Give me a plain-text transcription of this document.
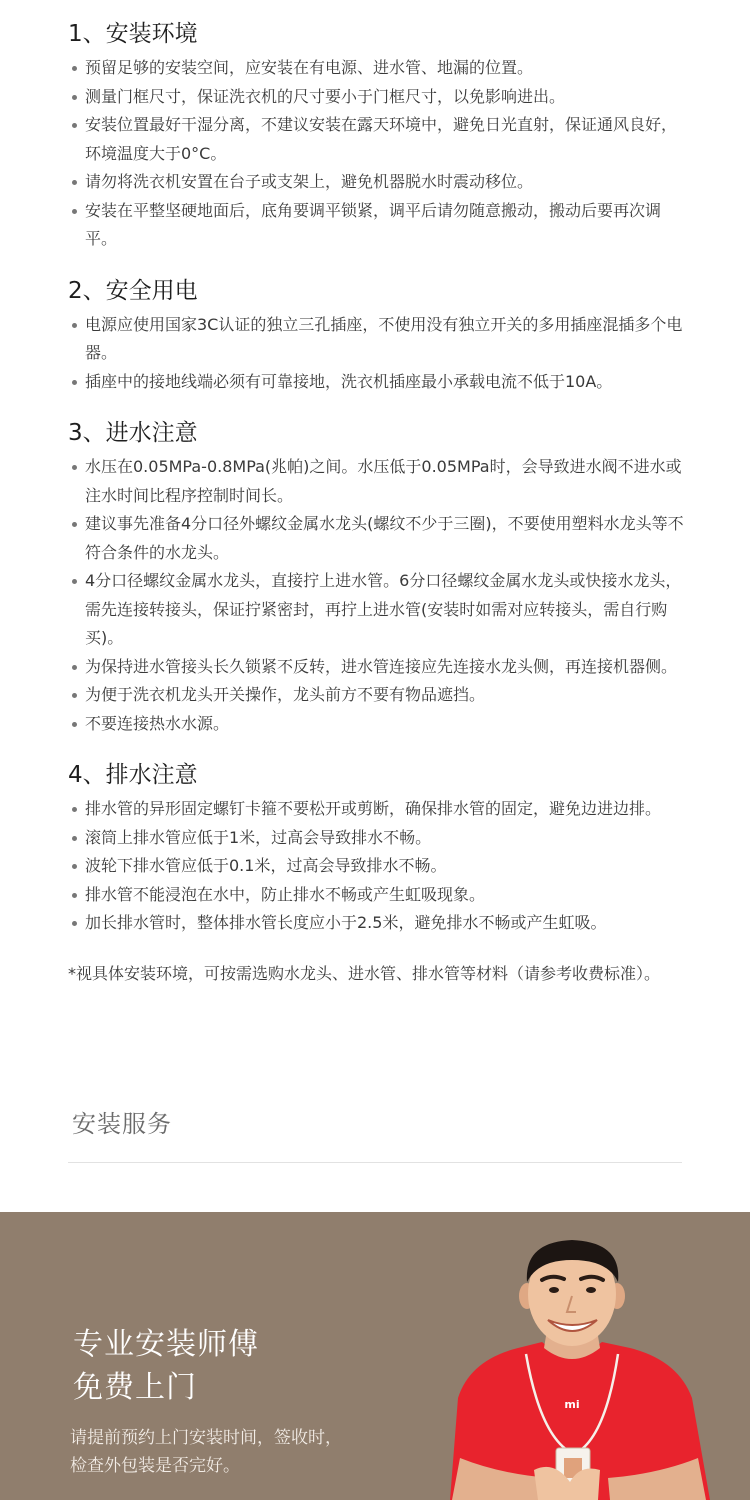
1、安装环境
预留足够的安装空间，应安装在有电源、进水管、地漏的位置。
测量门框尺寸，保证洗衣机的尺寸要小于门框尺寸，以免影响进出。
安装位置最好干湿分离，不建议安装在露天环境中，避免日光直射，保证通风良好，环境温度大于0°C。
请勿将洗衣机安置在台子或支架上，避免机器脱水时震动移位。
安装在平整坚硬地面后，底角要调平锁紧，调平后请勿随意搬动，搬动后要再次调平。
2、安全用电
电源应使用国家3C认证的独立三孔插座，不使用没有独立开关的多用插座混插多个电器。
插座中的接地线端必须有可靠接地，洗衣机插座最小承载电流不低于10A。
3、进水注意
水压在0.05MPa-0.8MPa(兆帕)之间。水压低于0.05MPa时，会导致进水阀不进水或注水时间比程序控制时间长。
建议事先准备4分口径外螺纹金属水龙头(螺纹不少于三圈)，不要使用塑料水龙头等不符合条件的水龙头。
4分口径螺纹金属水龙头，直接拧上进水管。6分口径螺纹金属水龙头或快接水龙头，需先连接转接头，保证拧紧密封，再拧上进水管(安装时如需对应转接头，需自行购买)。
为保持进水管接头长久锁紧不反转，进水管连接应先连接水龙头侧，再连接机器侧。
为便于洗衣机龙头开关操作，龙头前方不要有物品遮挡。
不要连接热水水源。
4、排水注意
排水管的异形固定螺钉卡箍不要松开或剪断，确保排水管的固定，避免边进边排。
滚筒上排水管应低于1米，过高会导致排水不畅。
波轮下排水管应低于0.1米，过高会导致排水不畅。
排水管不能浸泡在水中，防止排水不畅或产生虹吸现象。
加长排水管时，整体排水管长度应小于2.5米，避免排水不畅或产生虹吸。
*视具体安装环境，可按需选购水龙头、进水管、排水管等材料（请参考收费标准）。
安装服务
专业安装师傅
免费上门
请提前预约上门安装时间，签收时，
检查外包装是否完好。
mi
